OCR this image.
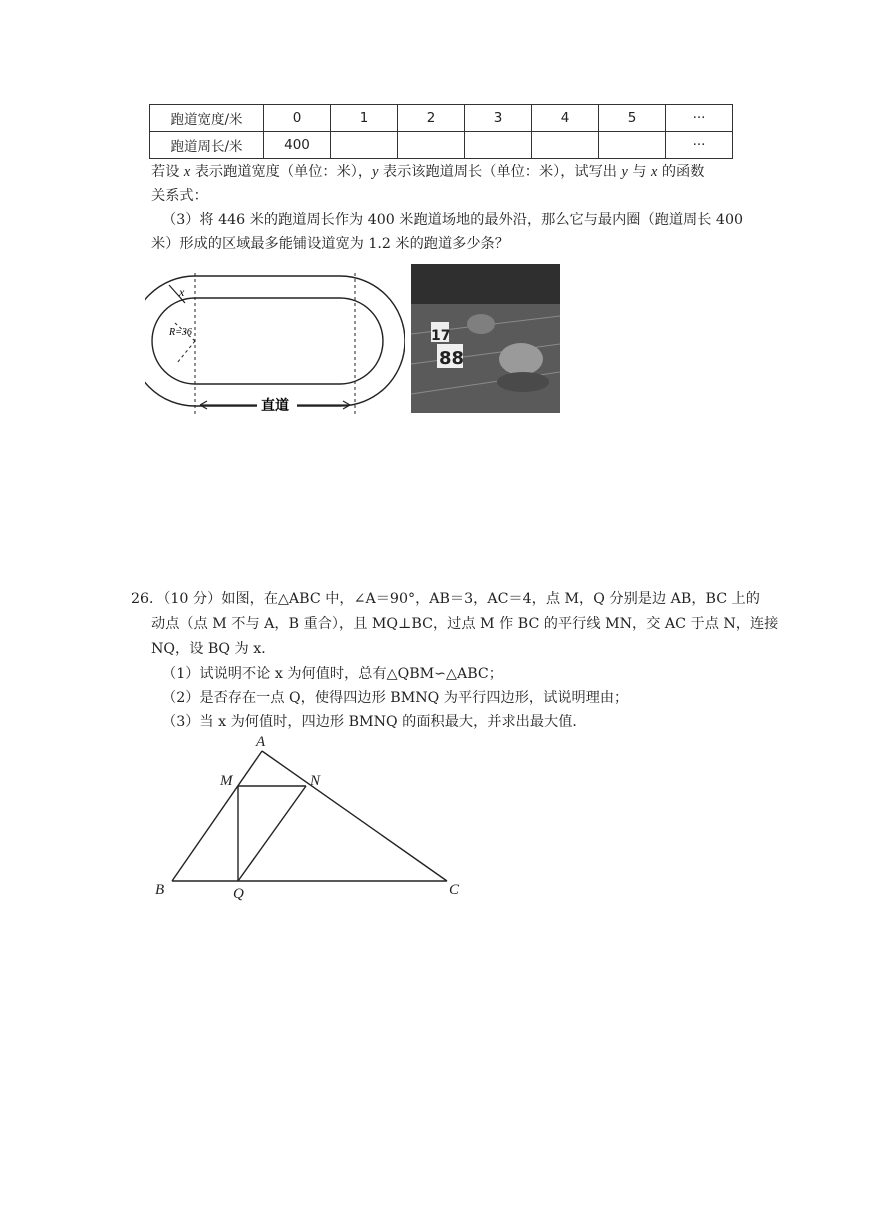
跑道宽度/米	0	1	2	3	4	5	···
跑道周长/米	400						···
若设 x 表示跑道宽度（单位：米），y 表示该跑道周长（单位：米），试写出 y 与 x 的函数
关系式：
（3）将 446 米的跑道周长作为 400 米跑道场地的最外沿，那么它与最内圈（跑道周长 400
米）形成的区域最多能铺设道宽为 1.2 米的跑道多少条？
x
R=36
直道
17
88
26．（10 分）如图，在△ABC 中，∠A＝90°，AB＝3，AC＝4，点 M，Q 分别是边 AB，BC 上的
动点（点 M 不与 A，B 重合），且 MQ⊥BC，过点 M 作 BC 的平行线 MN，交 AC 于点 N，连接
NQ，设 BQ 为 x．
（1）试说明不论 x 为何值时，总有△QBM∽△ABC；
（2）是否存在一点 Q，使得四边形 BMNQ 为平行四边形，试说明理由；
（3）当 x 为何值时，四边形 BMNQ 的面积最大，并求出最大值．
A
M	N
B	Q	C
